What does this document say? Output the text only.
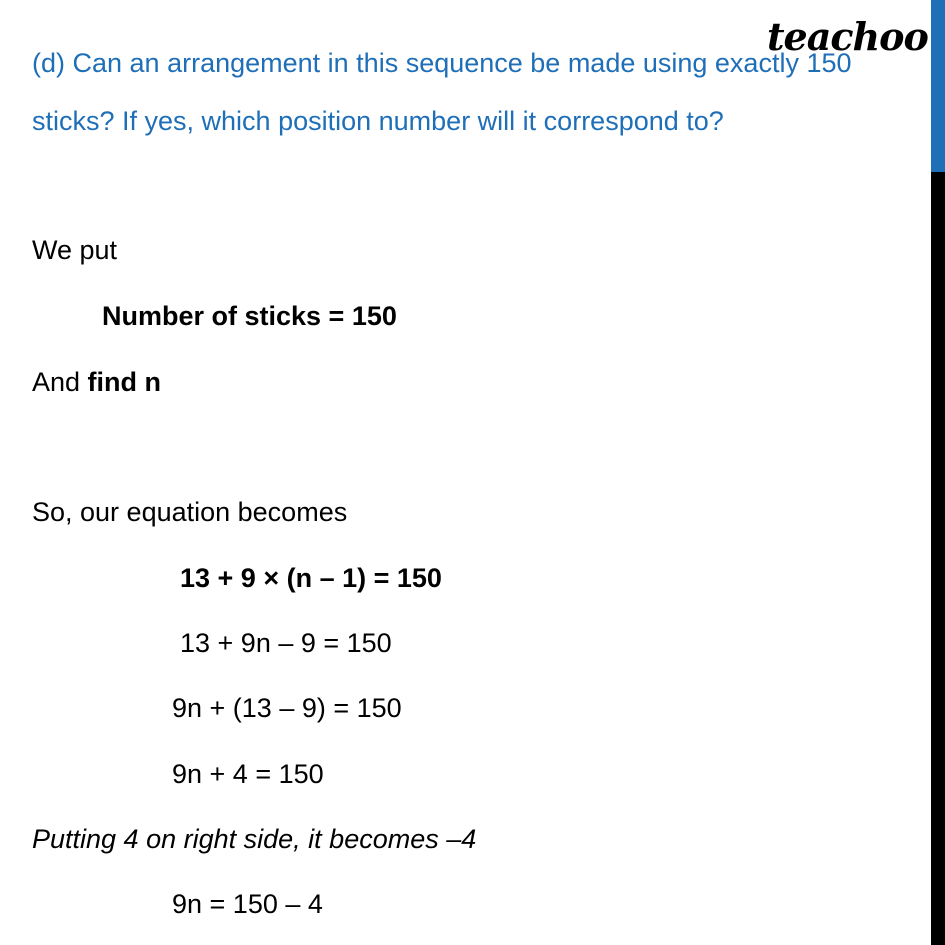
teachoo
(d) Can an arrangement in this sequence be made using exactly 150
sticks? If yes, which position number will it correspond to?
We put
Number of sticks = 150
And find n
So, our equation becomes
13 + 9 × (n – 1) = 150
13 + 9n – 9 = 150
9n + (13 – 9) = 150
9n + 4 = 150
Putting 4 on right side, it becomes –4
9n = 150 – 4
